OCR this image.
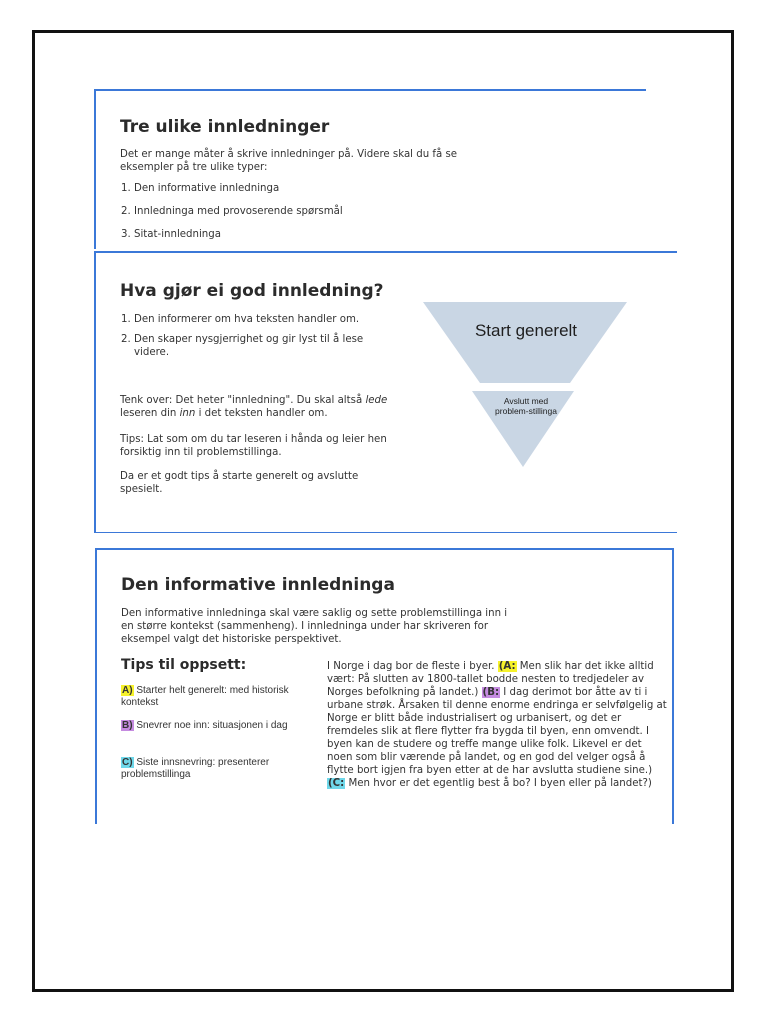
Tre ulike innledninger
Det er mange måter å skrive innledninger på. Videre skal du få se eksempler på tre ulike typer:
1. Den informative innledninga
2. Innledninga med provoserende spørsmål
3. Sitat-innledninga
Hva gjør ei god innledning?
1. Den informerer om hva teksten handler om.
2. Den skaper nysgjerrighet og gir lyst til å lese videre.
Tenk over: Det heter "innledning". Du skal altså lede leseren din inn i det teksten handler om.
Tips: Lat som om du tar leseren i hånda og leier hen forsiktig inn til problemstillinga.
Da er et godt tips å starte generelt og avslutte spesielt.
Start generelt
Avslutt med problem-stillinga
Den informative innledninga
Den informative innledninga skal være saklig og sette problemstillinga inn i en større kontekst (sammenheng). I innledninga under har skriveren for eksempel valgt det historiske perspektivet.
Tips til oppsett:
A) Starter helt generelt: med historisk kontekst
B) Snevrer noe inn: situasjonen i dag
C) Siste innsnevring: presenterer problemstillinga
I Norge i dag bor de fleste i byer. (A: Men slik har det ikke alltid vært: På slutten av 1800-tallet bodde nesten to tredjedeler av Norges befolkning på landet.) (B: I dag derimot bor åtte av ti i urbane strøk. Årsaken til denne enorme endringa er selvfølgelig at Norge er blitt både industrialisert og urbanisert, og det er fremdeles slik at flere flytter fra bygda til byen, enn omvendt. I byen kan de studere og treffe mange ulike folk. Likevel er det noen som blir værende på landet, og en god del velger også å flytte bort igjen fra byen etter at de har avslutta studiene sine.) (C: Men hvor er det egentlig best å bo? I byen eller på landet?)
